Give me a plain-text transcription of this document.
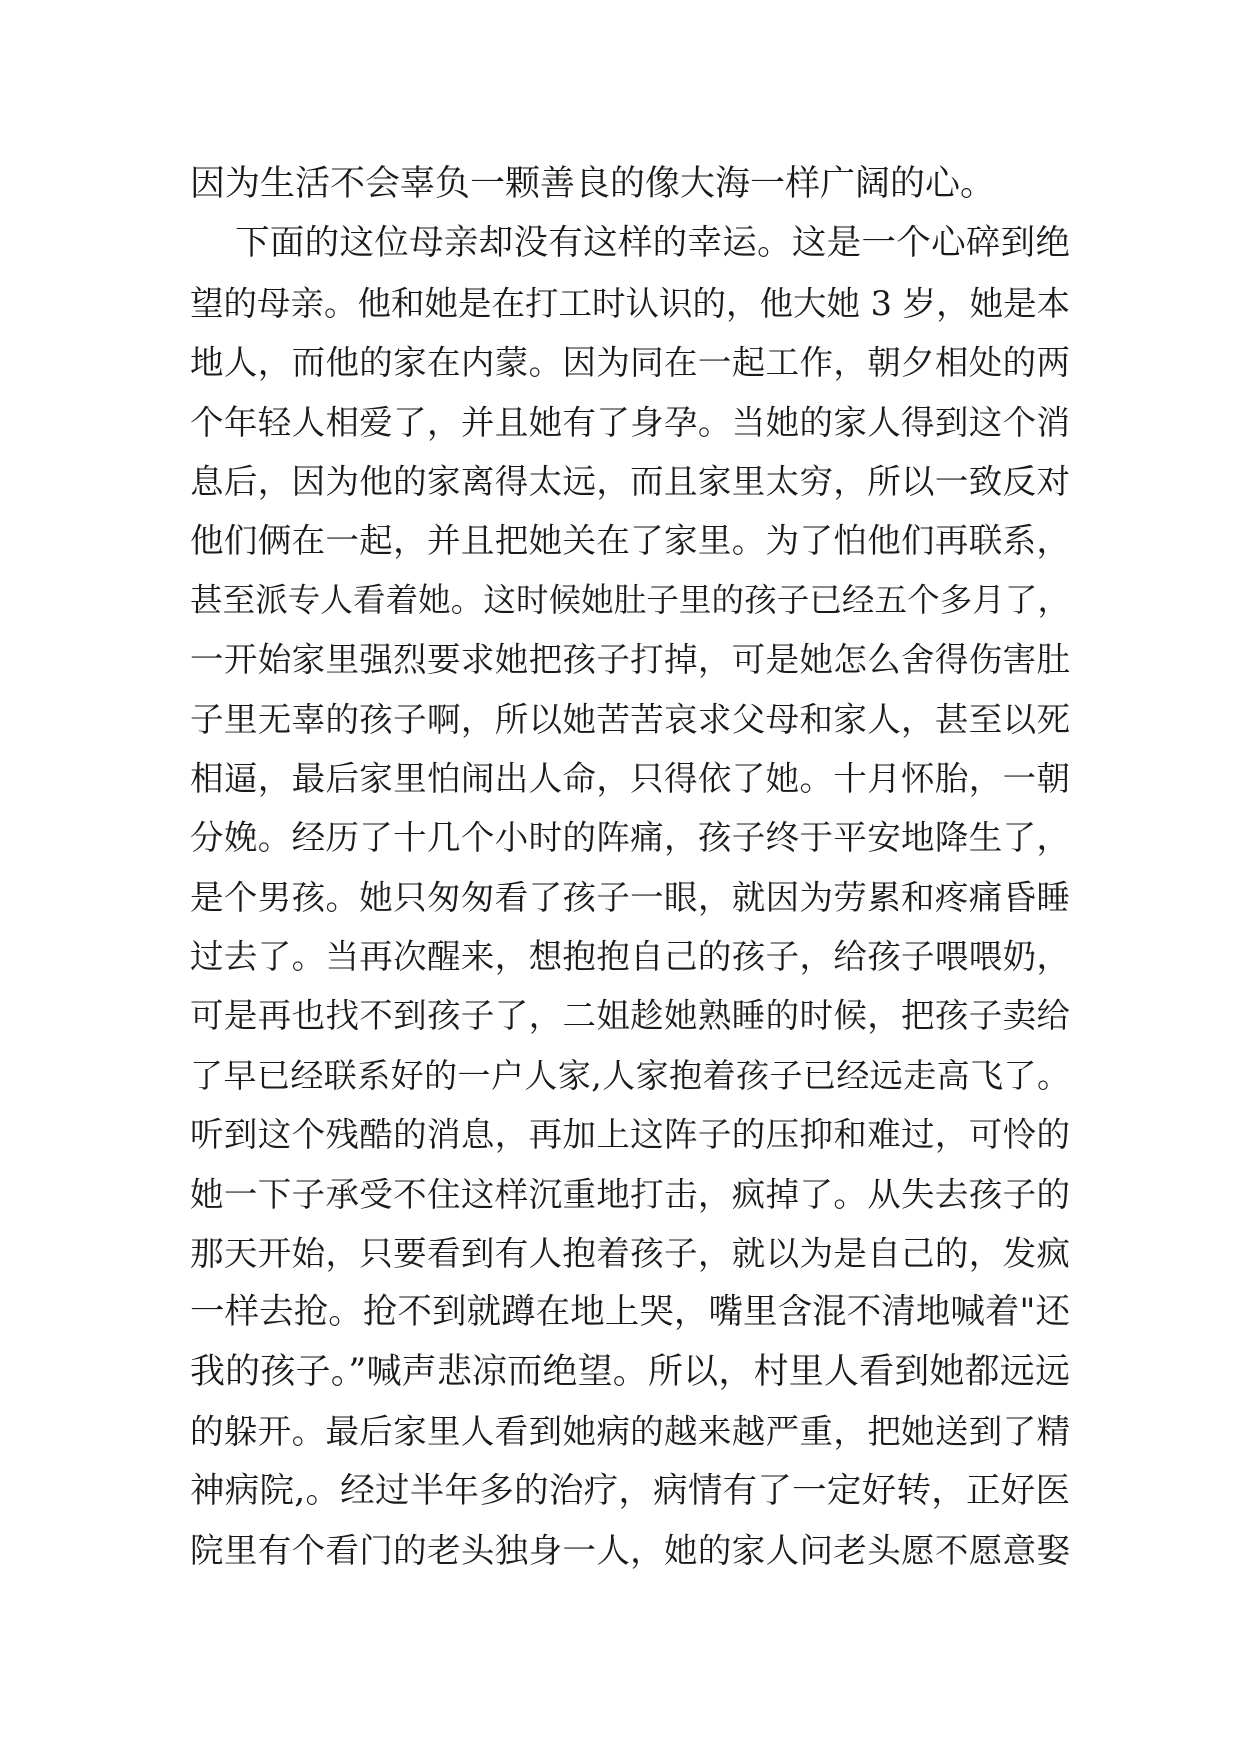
因为生活不会辜负一颗善良的像大海一样广阔的心。
下面的这位母亲却没有这样的幸运。这是一个心碎到绝
望的母亲。他和她是在打工时认识的，他大她 3 岁，她是本
地人，而他的家在内蒙。因为同在一起工作，朝夕相处的两
个年轻人相爱了，并且她有了身孕。当她的家人得到这个消
息后，因为他的家离得太远，而且家里太穷，所以一致反对
他们俩在一起，并且把她关在了家里。为了怕他们再联系，
甚至派专人看着她。这时候她肚子里的孩子已经五个多月了，
一开始家里强烈要求她把孩子打掉，可是她怎么舍得伤害肚
子里无辜的孩子啊，所以她苦苦哀求父母和家人，甚至以死
相逼，最后家里怕闹出人命，只得依了她。十月怀胎，一朝
分娩。经历了十几个小时的阵痛，孩子终于平安地降生了，
是个男孩。她只匆匆看了孩子一眼，就因为劳累和疼痛昏睡
过去了。当再次醒来，想抱抱自己的孩子，给孩子喂喂奶，
可是再也找不到孩子了，二姐趁她熟睡的时候，把孩子卖给
了早已经联系好的一户人家,人家抱着孩子已经远走高飞了。
听到这个残酷的消息，再加上这阵子的压抑和难过，可怜的
她一下子承受不住这样沉重地打击，疯掉了。从失去孩子的
那天开始，只要看到有人抱着孩子，就以为是自己的，发疯
一样去抢。抢不到就蹲在地上哭，嘴里含混不清地喊着"还
我的孩子。”喊声悲凉而绝望。所以，村里人看到她都远远
的躲开。最后家里人看到她病的越来越严重，把她送到了精
神病院,。经过半年多的治疗，病情有了一定好转，正好医
院里有个看门的老头独身一人，她的家人问老头愿不愿意娶
